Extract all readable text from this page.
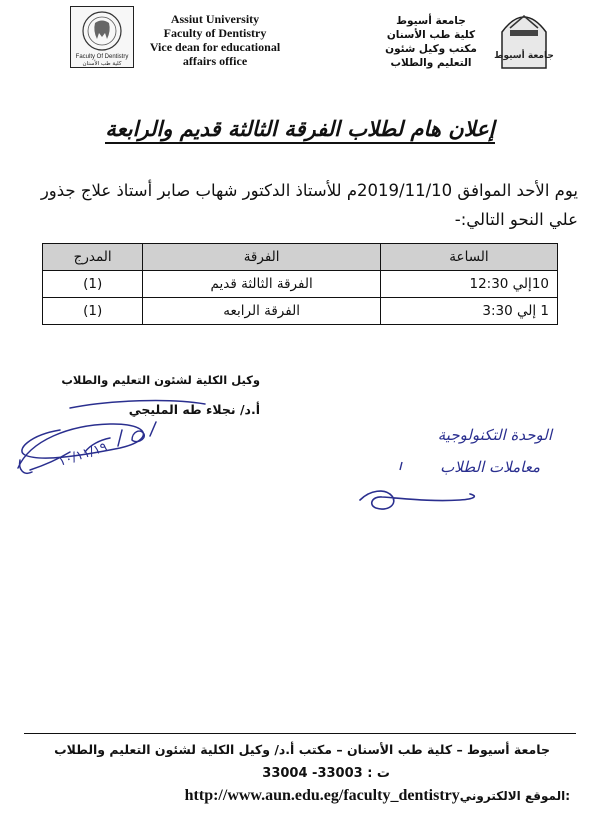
Faculty Of Dentistry
كلية طب الأسنان
Assiut University
Faculty of Dentistry
Vice dean for educational
affairs office
جامعة أسيوط
كلية طب الأسنان
مكتب وكيل شئون
التعليم والطلاب
جامعة أسيوط
إعلان هام لطلاب الفرقة الثالثة قديم والرابعة
يوم الأحد الموافق 2019/11/10م للأستاذ الدكتور شهاب صابر أستاذ علاج جذور علي النحو التالي:-
الساعة	الفرقة	المدرج
10إلي 12:30	الفرقة الثالثة قديم	(1)
1 إلي 3:30	الفرقة الرابعه	(1)
وكيل الكلية لشئون التعليم والطلاب
أ.د/ نجلاء طه المليجي
١٠/١١/١٩
الوحدة التكنولوجية
معاملات الطلاب
جامعة أسيوط – كلية طب الأسنان – مكتب أ.د/ وكيل الكلية لشئون التعليم والطلاب
ت : 33003- 33004
http://www.aun.edu.eg/faculty_dentistryالموقع الالكتروني:
